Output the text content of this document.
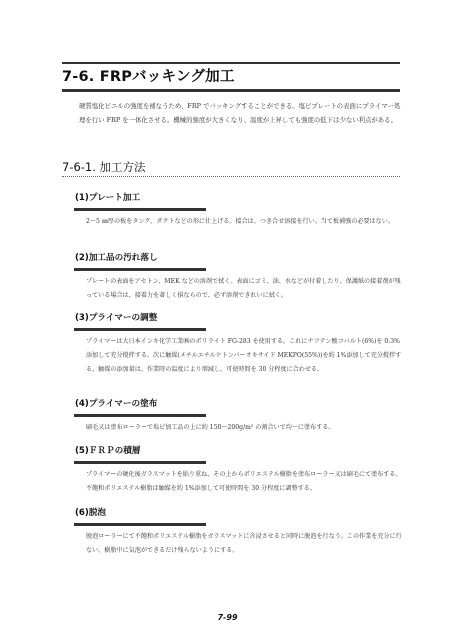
7-6. FRPバッキング加工
硬質塩化ビニルの強度を補なうため、FRP でバッキングすることができる。塩ビプレートの表面にプライマー処理を行い FRP を一体化させる。機械的強度が大きくなり、温度が上昇しても強度の低下は少ない利点がある。
7-6-1. 加工方法
(1)プレート加工
2～5 ㎜厚の板をタンク、ダクトなどの形に仕上げる。接合は、つき合せ溶接を行い、当て板補強の必要はない。
(2)加工品の汚れ落し
プレートの表面をアセトン、MEK などの溶剤で拭く。表面にゴミ、油、水などが付着したり、保護紙の接着剤が残っている場合は、接着力を著しく損ならので、必ず溶剤できれいに拭く。
(3)プライマーの調整
プライマーは大日本インキ化学工業㈱のポリライト FG-283 を使用する。これにナフテン酸コバルト(6%)を 0.3%添加して充分撹拌する。次に触媒(メチルエチルケトンパーオキサイド MEKPO(55%))を約 1%添加して充分撹拌する。触媒の添加量は、作業時の温度により増減し、可使時間を 30 分程度に合わせる。
(4)プライマーの塗布
刷毛又は塗布ローラーで塩ビ加工品の上に約 150～200g/m² の割合いで均一に塗布する。
(5)ＦＲＰの積層
プライマーの硬化後ガラスマットを貼り重ね、その上からポリエステル樹脂を塗布ローラー又は刷毛にて塗布する。不飽和ポリエステル樹脂は触媒を約 1%添加して可使時間を 30 分程度に調整する。
(6)脱泡
脱泡ローラーにて不飽和ポリエステル樹脂をガラスマットに含浸させると同時に脱泡を行なう。この作業を充分に行ない、樹脂中に気泡ができるだけ残らないようにする。
7-99
